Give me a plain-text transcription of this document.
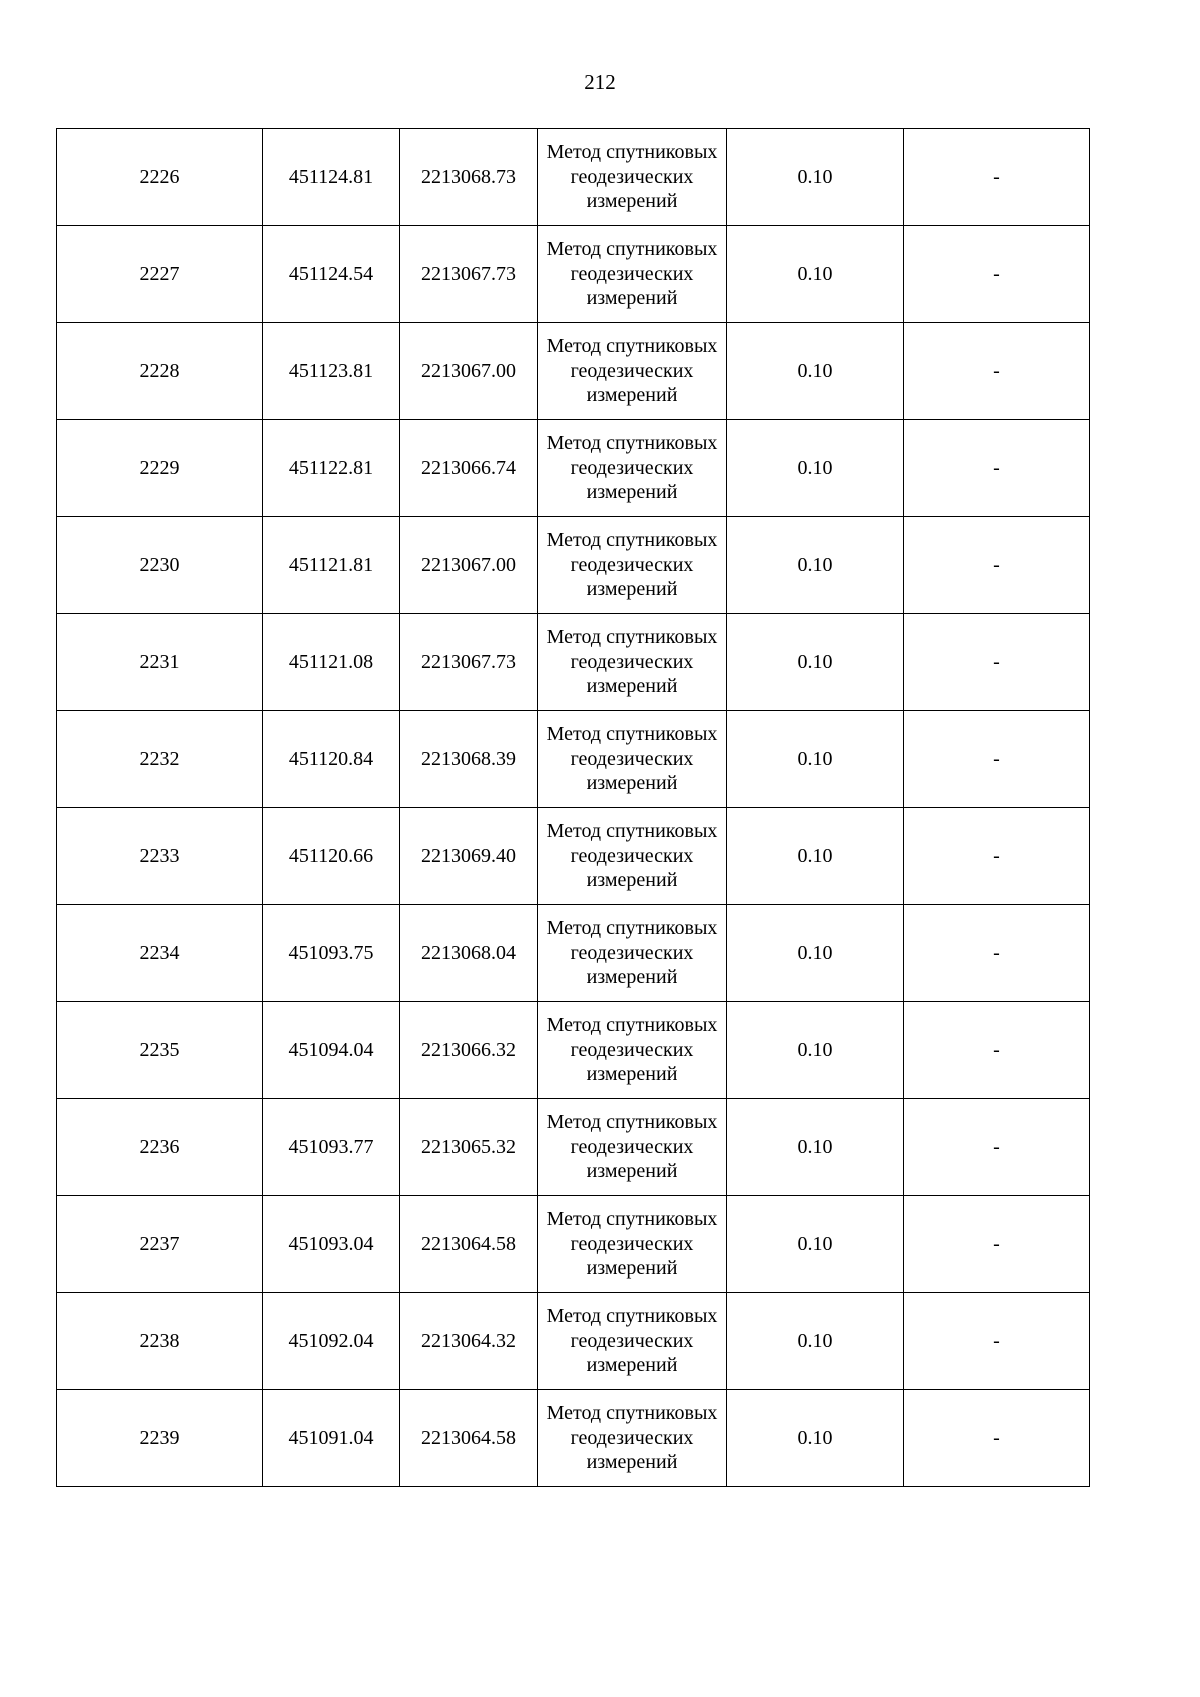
212
2226	451124.81	2213068.73	Метод спутниковых геодезических измерений	0.10	-
2227	451124.54	2213067.73	Метод спутниковых геодезических измерений	0.10	-
2228	451123.81	2213067.00	Метод спутниковых геодезических измерений	0.10	-
2229	451122.81	2213066.74	Метод спутниковых геодезических измерений	0.10	-
2230	451121.81	2213067.00	Метод спутниковых геодезических измерений	0.10	-
2231	451121.08	2213067.73	Метод спутниковых геодезических измерений	0.10	-
2232	451120.84	2213068.39	Метод спутниковых геодезических измерений	0.10	-
2233	451120.66	2213069.40	Метод спутниковых геодезических измерений	0.10	-
2234	451093.75	2213068.04	Метод спутниковых геодезических измерений	0.10	-
2235	451094.04	2213066.32	Метод спутниковых геодезических измерений	0.10	-
2236	451093.77	2213065.32	Метод спутниковых геодезических измерений	0.10	-
2237	451093.04	2213064.58	Метод спутниковых геодезических измерений	0.10	-
2238	451092.04	2213064.32	Метод спутниковых геодезических измерений	0.10	-
2239	451091.04	2213064.58	Метод спутниковых геодезических измерений	0.10	-
